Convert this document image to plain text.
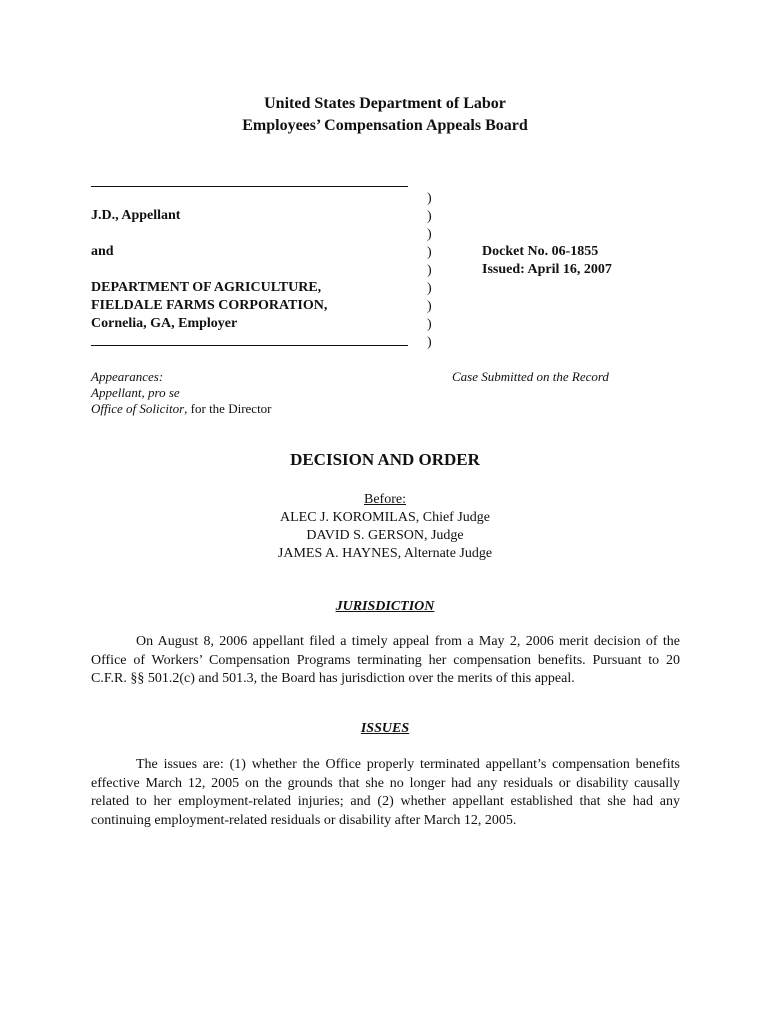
United States Department of Labor
Employees’ Compensation Appeals Board
J.D., Appellant
and
DEPARTMENT OF AGRICULTURE,
FIELDALE FARMS CORPORATION,
Cornelia, GA, Employer
)
)
)
)
)
)
)
)
)
Docket No. 06-1855
Issued: April 16, 2007
Appearances:
Appellant, pro se
Office of Solicitor, for the Director
Case Submitted on the Record
DECISION AND ORDER
Before:
ALEC J. KOROMILAS, Chief Judge
DAVID S. GERSON, Judge
JAMES A. HAYNES, Alternate Judge
JURISDICTION
On August 8, 2006 appellant filed a timely appeal from a May 2, 2006 merit decision of the Office of Workers’ Compensation Programs terminating her compensation benefits. Pursuant to 20 C.F.R. §§ 501.2(c) and 501.3, the Board has jurisdiction over the merits of this appeal.
ISSUES
The issues are: (1) whether the Office properly terminated appellant’s compensation benefits effective March 12, 2005 on the grounds that she no longer had any residuals or disability causally related to her employment-related injuries; and (2) whether appellant established that she had any continuing employment-related residuals or disability after March 12, 2005.
